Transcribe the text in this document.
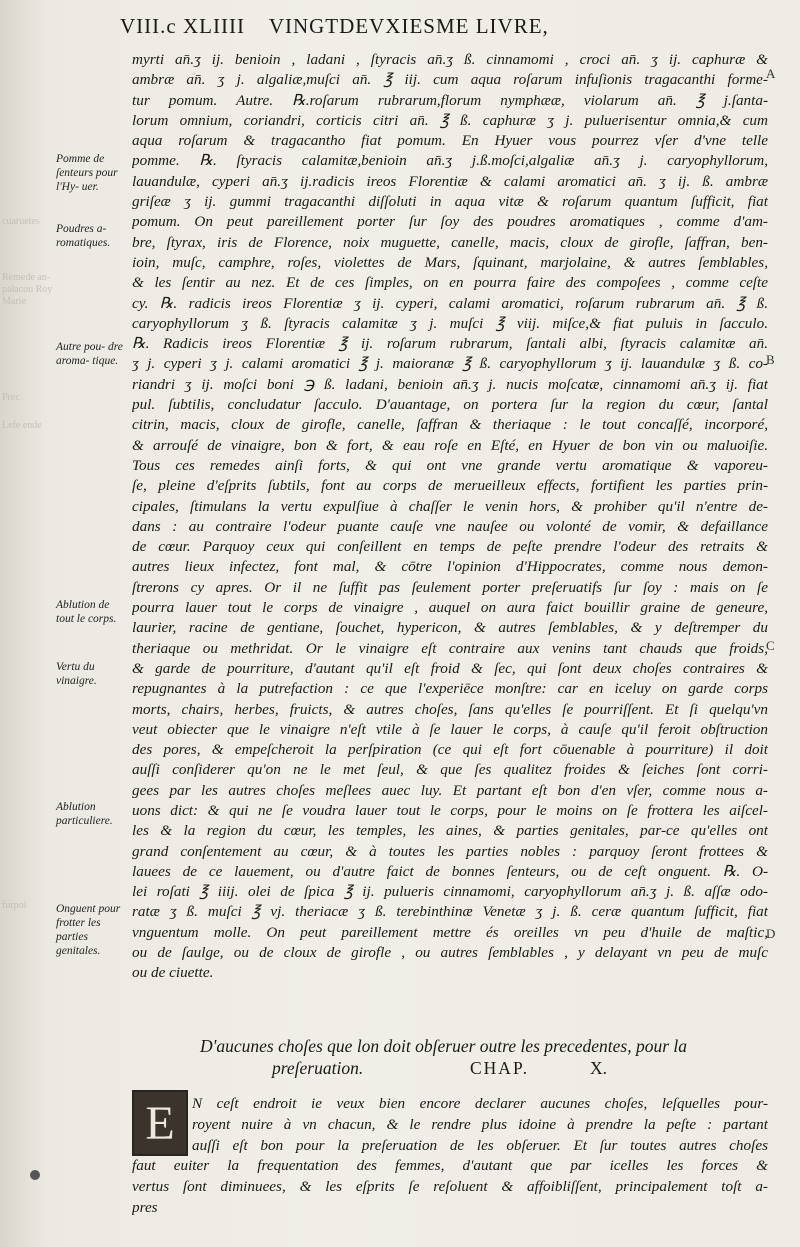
VIII.c XLIIII VINGTDEVXIESME LIVRE,
myrti an̄.ʒ ij. benioin , ladani , ſtyracis an̄.ʒ ß. cinnamomi , croci an̄. ʒ ij. caphuræ &
ambræ an̄. ʒ j. algaliæ,muſci an̄. ℥ iij. cum aqua roſarum infuſionis tragacanthi forme-
tur pomum. Autre. ℞.roſarum rubrarum,florum nymphææ, violarum an̄. ℥ j.ſanta-
lorum omnium, coriandri, corticis citri an̄. ℥ ß. caphuræ ʒ j. puluerisentur omnia,& cum
aqua roſarum & tragacantho fiat pomum. En Hyuer vous pourrez vſer d'vne telle
pomme. ℞. ſtyracis calamitæ,benioin an̄.ʒ j.ß.moſci,algaliæ an̄.ʒ j. caryophyllorum,
lauandulæ, cyperi an̄.ʒ ij.radicis ireos Florentiæ & calami aromatici an̄. ʒ ij. ß. ambræ
griſeæ ʒ ij. gummi tragacanthi diſſoluti in aqua vitæ & roſarum quantum ſufficit, fiat
pomum. On peut pareillement porter ſur ſoy des poudres aromatiques , comme d'am-
bre, ſtyrax, iris de Florence, noix muguette, canelle, macis, cloux de girofle, ſaffran, ben-
ioin, muſc, camphre, roſes, violettes de Mars, ſquinant, marjolaine, & autres ſemblables,
& les ſentir au nez. Et de ces ſimples, on en pourra faire des compoſees , comme ceſte
cy. ℞. radicis ireos Florentiæ ʒ ij. cyperi, calami aromatici, roſarum rubrarum an̄. ℥ ß.
caryophyllorum ʒ ß. ſtyracis calamitæ ʒ j. muſci ℥ viij. miſce,& fiat puluis in ſacculo.
℞. Radicis ireos Florentiæ ℥ ij. roſarum rubrarum, ſantali albi, ſtyracis calamitæ an̄.
ʒ j. cyperi ʒ j. calami aromatici ℥ j. maioranæ ℥ ß. caryophyllorum ʒ ij. lauandulæ ʒ ß. co-
riandri ʒ ij. moſci boni ℈ ß. ladani, benioin an̄.ʒ j. nucis moſcatæ, cinnamomi an̄.ʒ ij. fiat
pul. ſubtilis, concludatur ſacculo. D'auantage, on portera ſur la region du cœur, ſantal
citrin, macis, cloux de girofle, canelle, ſaffran & theriaque : le tout concaſſé, incorporé,
& arrouſé de vinaigre, bon & fort, & eau roſe en Eſté, en Hyuer de bon vin ou maluoiſie.
Tous ces remedes ainſi forts, & qui ont vne grande vertu aromatique & vaporeu-
ſe, pleine d'eſprits ſubtils, font au corps de merueilleux effects, fortifient les parties prin-
cipales, ſtimulans la vertu expulſiue à chaſſer le venin hors, & prohiber qu'il n'entre de-
dans : au contraire l'odeur puante cauſe vne nauſee ou volonté de vomir, & defaillance
de cœur. Parquoy ceux qui conſeillent en temps de peſte prendre l'odeur des retraits &
autres lieux infectez, font mal, & cōtre l'opinion d'Hippocrates, comme nous demon-
ſtrerons cy apres. Or il ne ſuffit pas ſeulement porter preſeruatifs ſur ſoy : mais on ſe
pourra lauer tout le corps de vinaigre , auquel on aura faict bouillir graine de geneure,
laurier, racine de gentiane, ſouchet, hypericon, & autres ſemblables, & y deſtremper du
theriaque ou methridat. Or le vinaigre eſt contraire aux venins tant chauds que froids,
& garde de pourriture, d'autant qu'il eſt froid & ſec, qui ſont deux choſes contraires &
repugnantes à la putrefaction : ce que l'experiēce monſtre: car en iceluy on garde corps
morts, chairs, herbes, fruicts, & autres choſes, ſans qu'elles ſe pourriſſent. Et ſi quelqu'vn
veut obiecter que le vinaigre n'eſt vtile à ſe lauer le corps, à cauſe qu'il feroit obſtruction
des pores, & empeſcheroit la perſpiration (ce qui eſt fort cōuenable à pourriture) il doit
auſſi conſiderer qu'on ne le met ſeul, & que ſes qualitez froides & ſeiches ſont corri-
gees par les autres choſes meſlees auec luy. Et partant eſt bon d'en vſer, comme nous a-
uons dict: & qui ne ſe voudra lauer tout le corps, pour le moins on ſe frottera les aiſcel-
les & la region du cœur, les temples, les aines, & parties genitales, par-ce qu'elles ont
grand conſentement au cœur, & à toutes les parties nobles : parquoy ſeront frottees &
lauees de ce lauement, ou d'autre faict de bonnes ſenteurs, ou de ceſt onguent. ℞. O-
lei roſati ℥ iiij. olei de ſpica ℥ ij. pulueris cinnamomi, caryophyllorum an̄.ʒ j. ß. aſſæ odo-
ratæ ʒ ß. muſci ℥ vj. theriacæ ʒ ß. terebinthinæ Venetæ ʒ j. ß. ceræ quantum ſufficit, fiat
vnguentum molle. On peut pareillement mettre és oreilles vn peu d'huile de maſtic,
ou de ſaulge, ou de cloux de girofle , ou autres ſemblables , y delayant vn peu de muſc
ou de ciuette.
Pomme de ſenteurs pour l'Hy- uer.
Poudres a- romatiques.
Autre pou- dre aroma- tique.
Ablution de tout le corps.
Vertu du vinaigre.
Ablution particuliere.
Onguent pour frotter les parties genitales.
cuaruetes
Remede an- palacou Roy Marie
Prec
Lefe ende
furpoi
A
B
C
D
D'aucunes choſes que lon doit obſeruer outre les precedentes, pour la
preſeruation.	CHAP.	X.
E	N ceſt endroit ie veux bien encore declarer aucunes choſes, leſquelles pour-
royent nuire à vn chacun, & le rendre plus idoine à prendre la peſte : partant
auſſi eſt bon pour la preſeruation de les obſeruer. Et ſur toutes autres choſes
faut euiter la frequentation des femmes, d'autant que par icelles les forces &
vertus ſont diminuees, & les eſprits ſe reſoluent & affoibliſſent, principalement toſt a-
pres
